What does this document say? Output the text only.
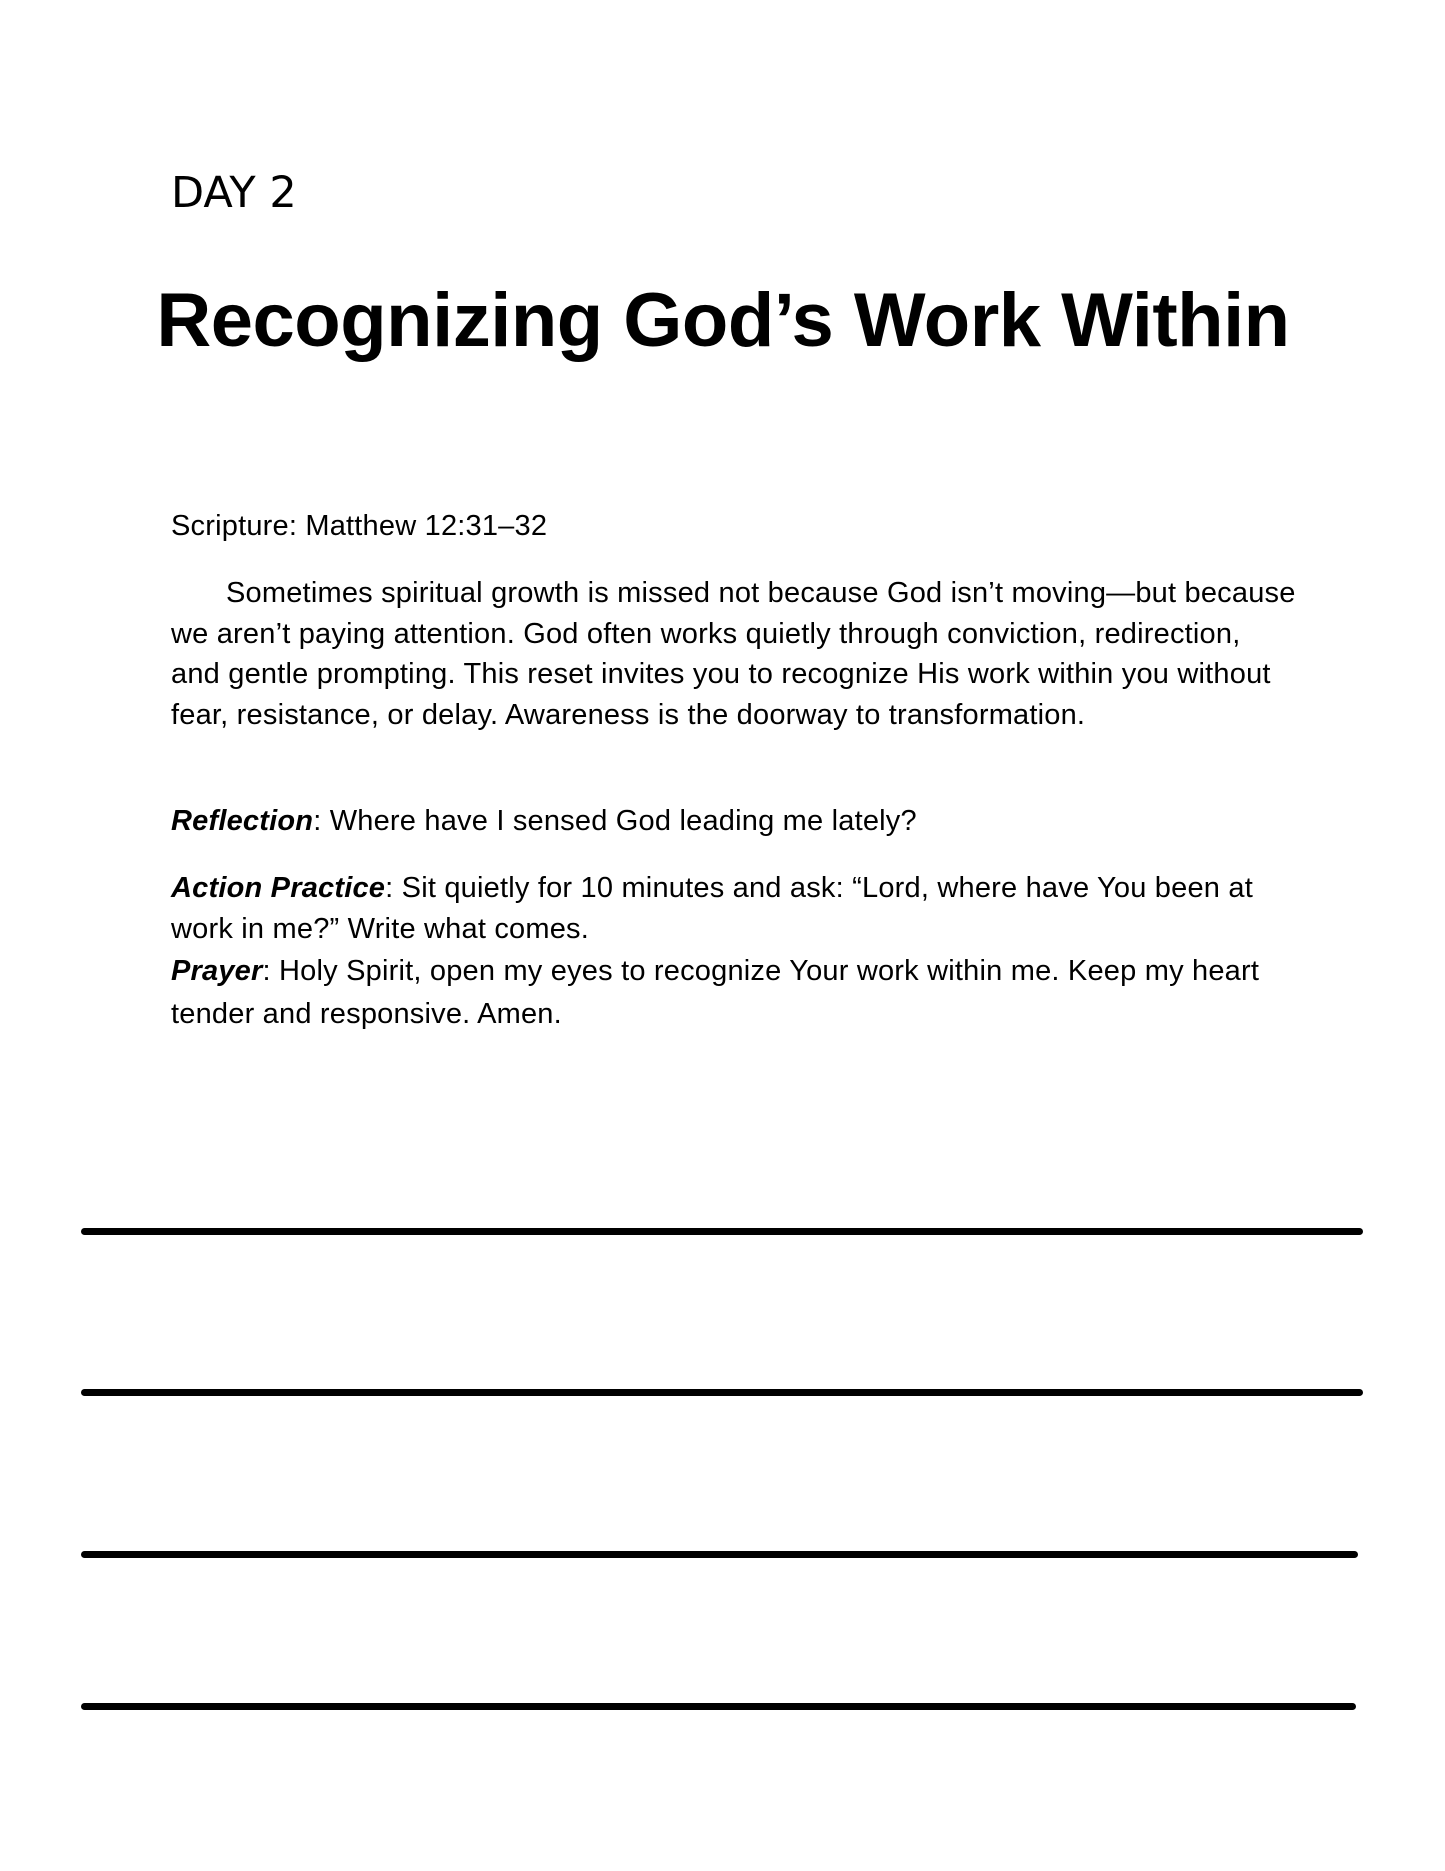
DAY 2
Recognizing God’s Work Within
Scripture: Matthew 12:31–32
Sometimes spiritual growth is missed not because God isn’t moving—but because we aren’t paying attention. God often works quietly through conviction, redirection, and gentle prompting. This reset invites you to recognize His work within you without fear, resistance, or delay. Awareness is the doorway to transformation.
Reflection: Where have I sensed God leading me lately?
Action Practice: Sit quietly for 10 minutes and ask: “Lord, where have You been at work in me?” Write what comes.
Prayer: Holy Spirit, open my eyes to recognize Your work within me. Keep my heart tender and responsive. Amen.
